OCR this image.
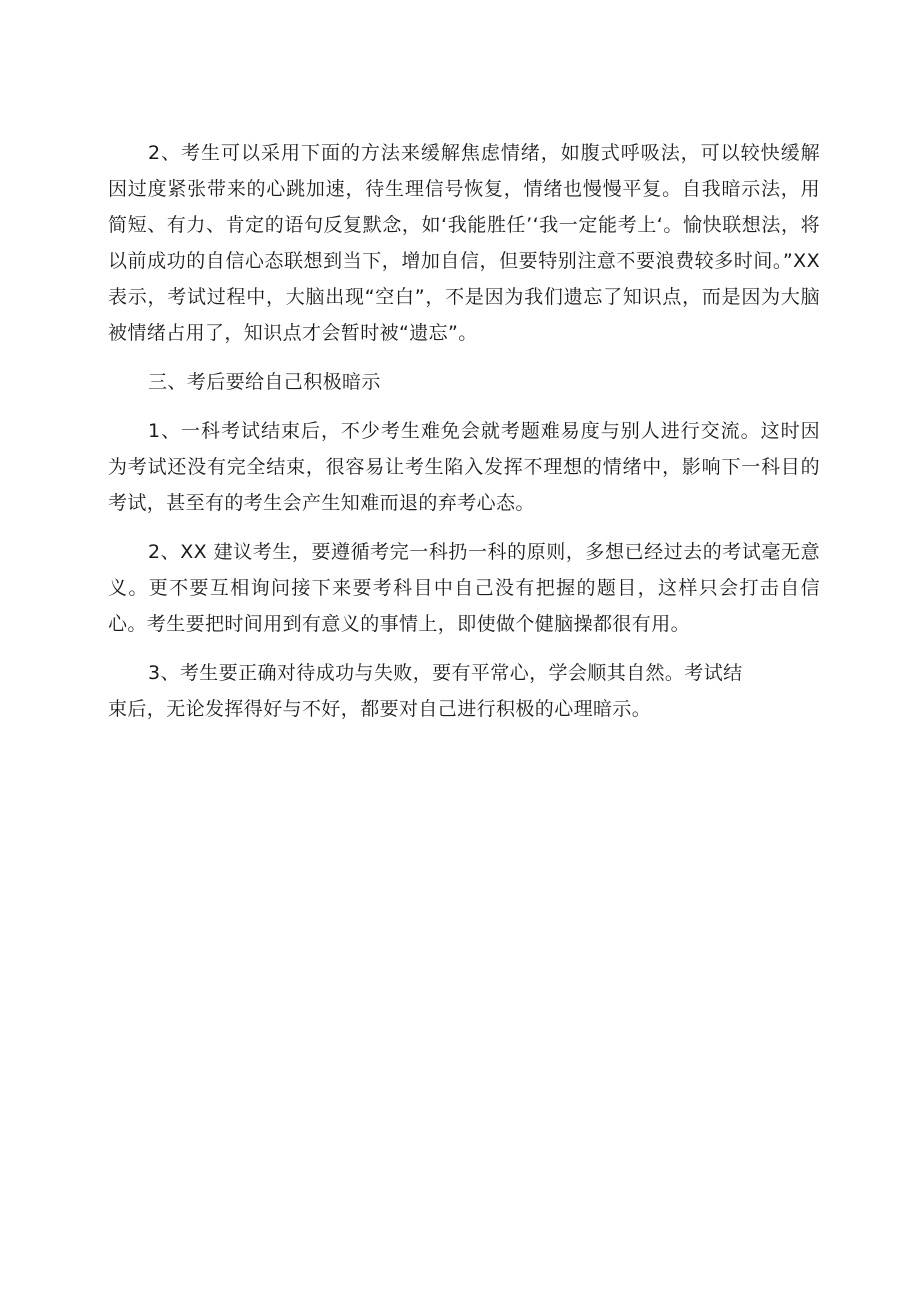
2、考生可以采用下面的方法来缓解焦虑情绪，如腹式呼吸法，可以较快缓解因过度紧张带来的心跳加速，待生理信号恢复，情绪也慢慢平复。自我暗示法，用简短、有力、肯定的语句反复默念，如‘我能胜任’‘我一定能考上‘。愉快联想法，将以前成功的自信心态联想到当下，增加自信，但要特别注意不要浪费较多时间。”XX 表示，考试过程中，大脑出现“空白”，不是因为我们遗忘了知识点，而是因为大脑被情绪占用了，知识点才会暂时被“遗忘”。

三、考后要给自己积极暗示

1、一科考试结束后，不少考生难免会就考题难易度与别人进行交流。这时因为考试还没有完全结束，很容易让考生陷入发挥不理想的情绪中，影响下一科目的考试，甚至有的考生会产生知难而退的弃考心态。

2、XX 建议考生，要遵循考完一科扔一科的原则，多想已经过去的考试毫无意义。更不要互相询问接下来要考科目中自己没有把握的题目，这样只会打击自信心。考生要把时间用到有意义的事情上，即使做个健脑操都很有用。

3、考生要正确对待成功与失败，要有平常心，学会顺其自然。考试结
束后，无论发挥得好与不好，都要对自己进行积极的心理暗示。
